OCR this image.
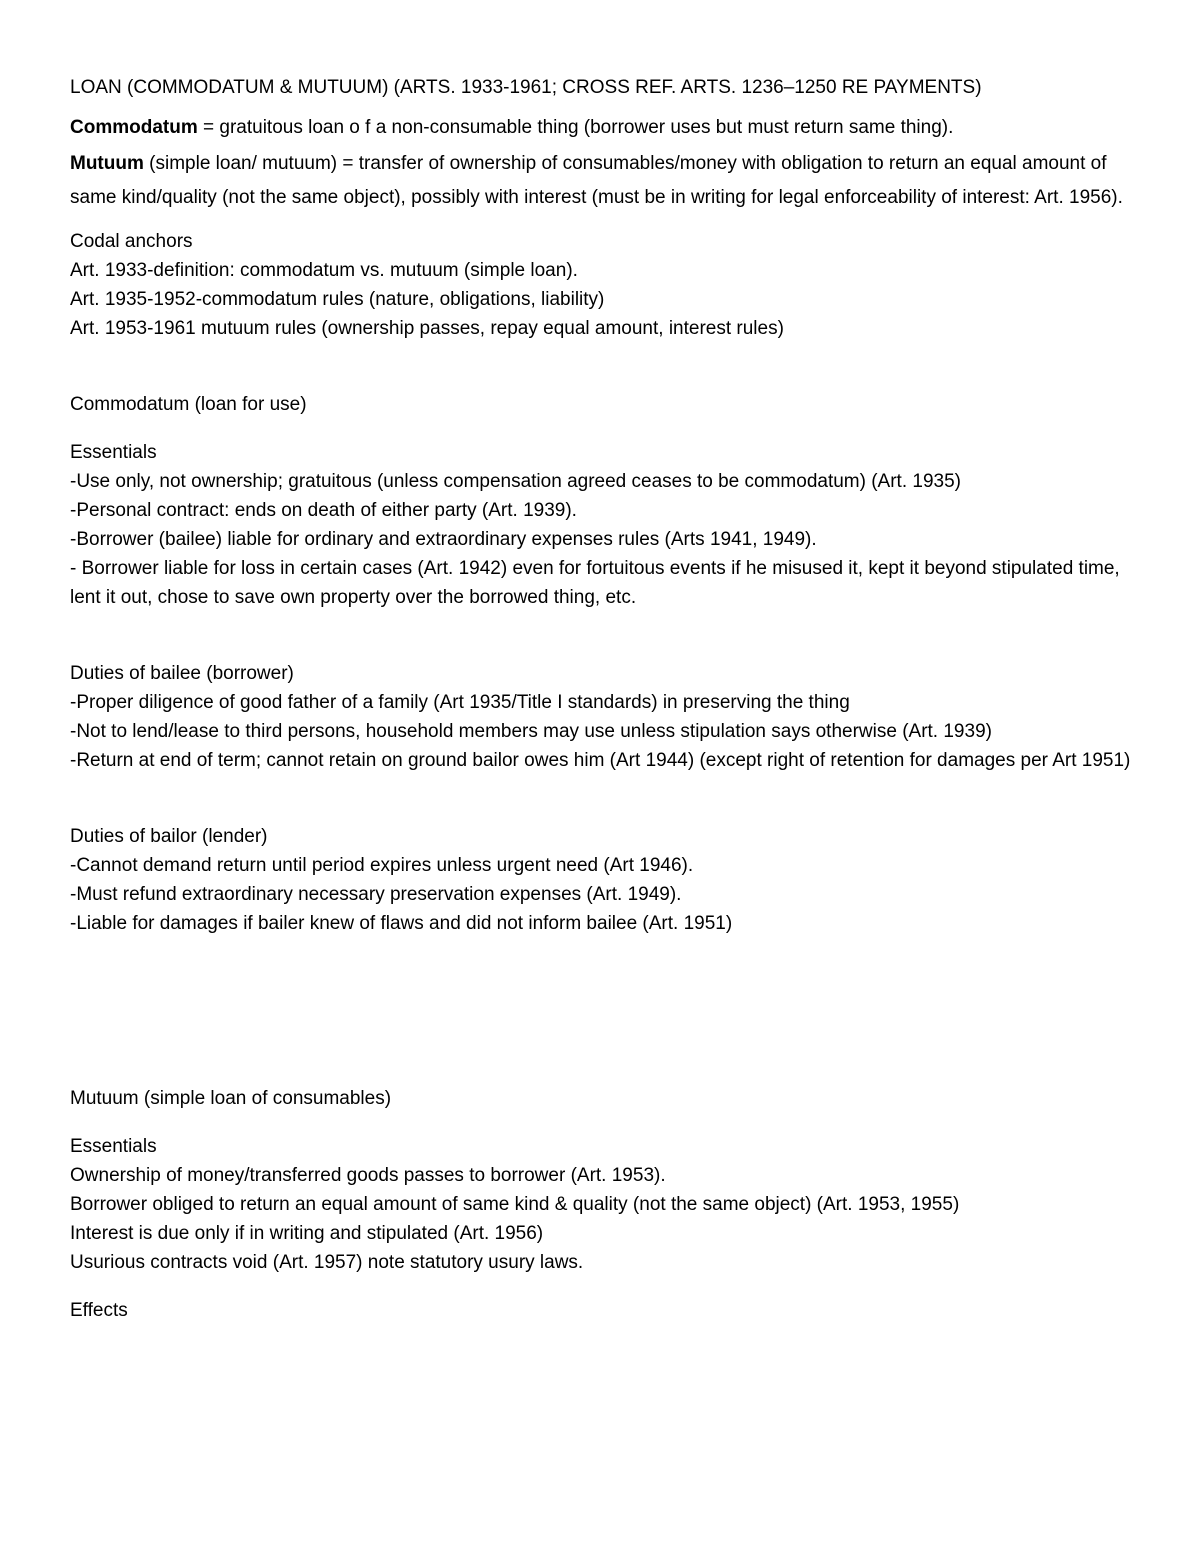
LOAN (COMMODATUM & MUTUUM) (ARTS. 1933-1961; CROSS REF. ARTS. 1236–1250 RE PAYMENTS)
Commodatum = gratuitous loan o f a non-consumable thing (borrower uses but must return same thing).
Mutuum (simple loan/ mutuum) = transfer of ownership of consumables/money with obligation to return an equal amount of same kind/quality (not the same object), possibly with interest (must be in writing for legal enforceability of interest: Art. 1956).
Codal anchors
Art. 1933-definition: commodatum vs. mutuum (simple loan).
Art. 1935-1952-commodatum rules (nature, obligations, liability)
Art. 1953-1961 mutuum rules (ownership passes, repay equal amount, interest rules)
Commodatum (loan for use)
Essentials
-Use only, not ownership; gratuitous (unless compensation agreed ceases to be commodatum) (Art. 1935)
-Personal contract: ends on death of either party (Art. 1939).
-Borrower (bailee) liable for ordinary and extraordinary expenses rules (Arts 1941, 1949).
- Borrower liable for loss in certain cases (Art. 1942) even for fortuitous events if he misused it, kept it beyond stipulated time, lent it out, chose to save own property over the borrowed thing, etc.
Duties of bailee (borrower)
-Proper diligence of good father of a family (Art 1935/Title I standards) in preserving the thing
-Not to lend/lease to third persons, household members may use unless stipulation says otherwise (Art. 1939)
-Return at end of term; cannot retain on ground bailor owes him (Art 1944) (except right of retention for damages per Art 1951)
Duties of bailor (lender)
-Cannot demand return until period expires unless urgent need (Art 1946).
-Must refund extraordinary necessary preservation expenses (Art. 1949).
-Liable for damages if bailer knew of flaws and did not inform bailee (Art. 1951)
Mutuum (simple loan of consumables)
Essentials
Ownership of money/transferred goods passes to borrower (Art. 1953).
Borrower obliged to return an equal amount of same kind & quality (not the same object) (Art. 1953, 1955)
Interest is due only if in writing and stipulated (Art. 1956)
Usurious contracts void (Art. 1957) note statutory usury laws.
Effects
